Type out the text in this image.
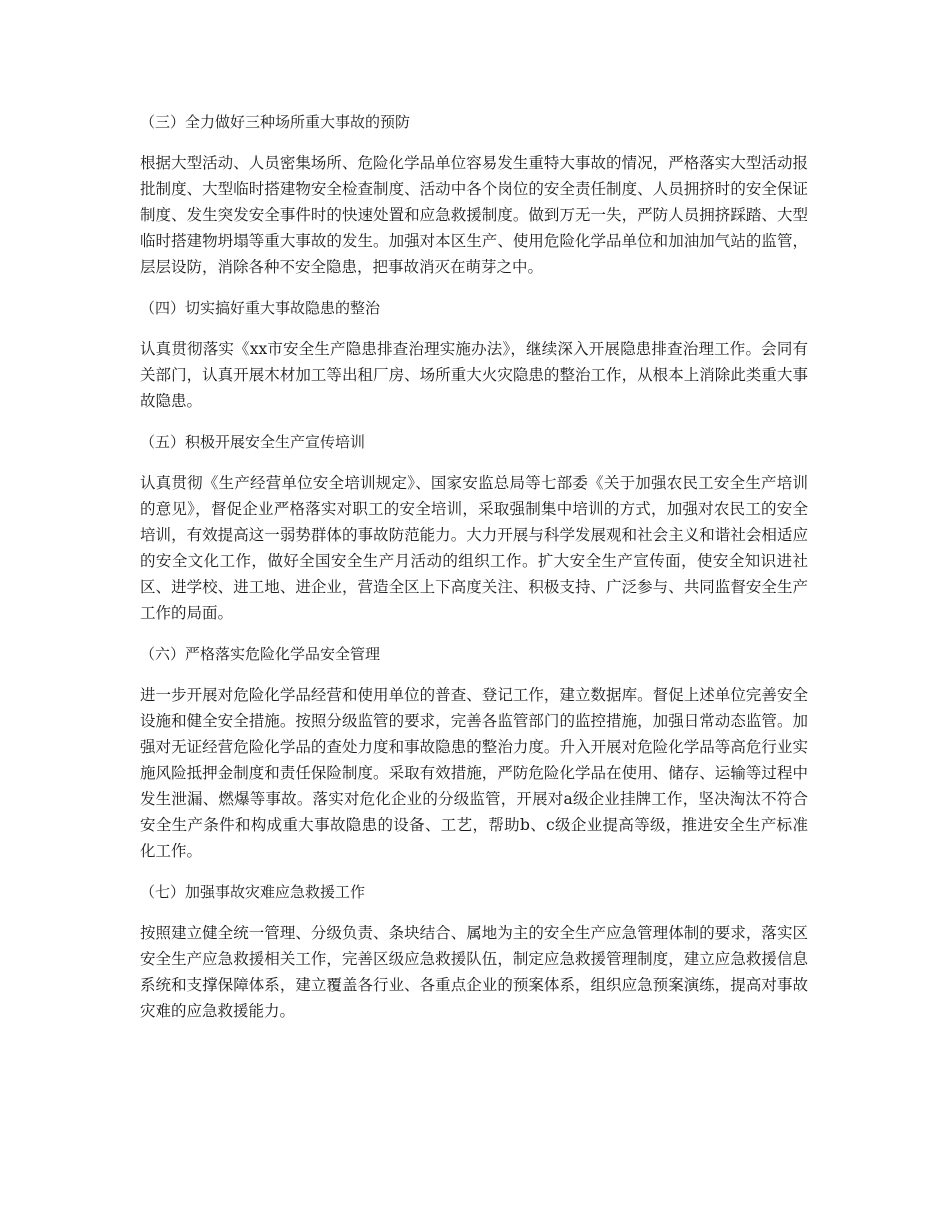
（三）全力做好三种场所重大事故的预防

根据大型活动、人员密集场所、危险化学品单位容易发生重特大事故的情况，严格落实大型活动报批制度、大型临时搭建物安全检查制度、活动中各个岗位的安全责任制度、人员拥挤时的安全保证制度、发生突发安全事件时的快速处置和应急救援制度。做到万无一失，严防人员拥挤踩踏、大型临时搭建物坍塌等重大事故的发生。加强对本区生产、使用危险化学品单位和加油加气站的监管，层层设防，消除各种不安全隐患，把事故消灭在萌芽之中。

（四）切实搞好重大事故隐患的整治

认真贯彻落实《xx市安全生产隐患排查治理实施办法》，继续深入开展隐患排查治理工作。会同有关部门，认真开展木材加工等出租厂房、场所重大火灾隐患的整治工作，从根本上消除此类重大事故隐患。

（五）积极开展安全生产宣传培训

认真贯彻《生产经营单位安全培训规定》、国家安监总局等七部委《关于加强农民工安全生产培训的意见》，督促企业严格落实对职工的安全培训，采取强制集中培训的方式，加强对农民工的安全培训，有效提高这一弱势群体的事故防范能力。大力开展与科学发展观和社会主义和谐社会相适应的安全文化工作，做好全国安全生产月活动的组织工作。扩大安全生产宣传面，使安全知识进社区、进学校、进工地、进企业，营造全区上下高度关注、积极支持、广泛参与、共同监督安全生产工作的局面。

（六）严格落实危险化学品安全管理

进一步开展对危险化学品经营和使用单位的普查、登记工作，建立数据库。督促上述单位完善安全设施和健全安全措施。按照分级监管的要求，完善各监管部门的监控措施，加强日常动态监管。加强对无证经营危险化学品的查处力度和事故隐患的整治力度。升入开展对危险化学品等高危行业实施风险抵押金制度和责任保险制度。采取有效措施，严防危险化学品在使用、储存、运输等过程中发生泄漏、燃爆等事故。落实对危化企业的分级监管，开展对a级企业挂牌工作，坚决淘汰不符合安全生产条件和构成重大事故隐患的设备、工艺，帮助b、c级企业提高等级，推进安全生产标准化工作。

（七）加强事故灾难应急救援工作

按照建立健全统一管理、分级负责、条块结合、属地为主的安全生产应急管理体制的要求，落实区安全生产应急救援相关工作，完善区级应急救援队伍，制定应急救援管理制度，建立应急救援信息系统和支撑保障体系，建立覆盖各行业、各重点企业的预案体系，组织应急预案演练，提高对事故灾难的应急救援能力。
